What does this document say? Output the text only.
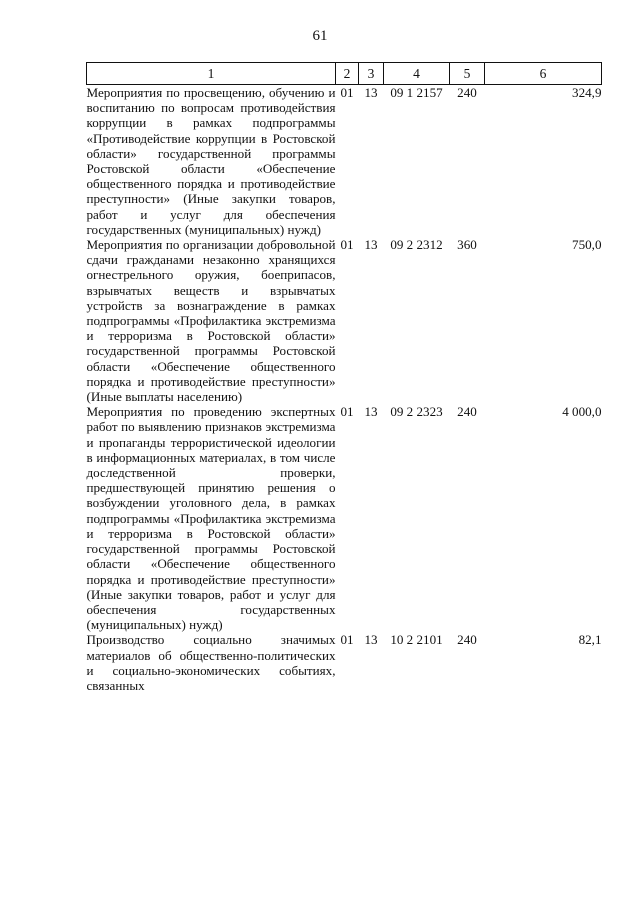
61
1	2	3	4	5	6
Мероприятия по просвещению, обучению и воспитанию по вопросам противодействия коррупции в рамках подпрограммы «Противодействие коррупции в Ростовской области» государственной программы Ростовской области «Обеспечение общественного порядка и противодействие преступности» (Иные закупки товаров, работ и услуг для обеспечения государственных (муниципальных) нужд)	01	13	09 1 2157	240	324,9
Мероприятия по организации добровольной сдачи гражданами незаконно хранящихся огнестрельного оружия, боеприпасов, взрывчатых веществ и взрывчатых устройств за вознаграждение в рамках подпрограммы «Профилактика экстремизма и терроризма в Ростовской области» государственной программы Ростовской области «Обеспечение общественного порядка и противодействие преступности» (Иные выплаты населению)	01	13	09 2 2312	360	750,0
Мероприятия по проведению экспертных работ по выявлению признаков экстремизма и пропаганды террористической идеологии в информационных материалах, в том числе доследственной проверки, предшествующей принятию решения о возбуждении уголовного дела, в рамках подпрограммы «Профилактика экстремизма и терроризма в Ростовской области» государственной программы Ростовской области «Обеспечение общественного порядка и противодействие преступности» (Иные закупки товаров, работ и услуг для обеспечения государственных (муниципальных) нужд)	01	13	09 2 2323	240	4 000,0
Производство социально значимых материалов об общественно-политических и социально-экономических событиях, связанных	01	13	10 2 2101	240	82,1
